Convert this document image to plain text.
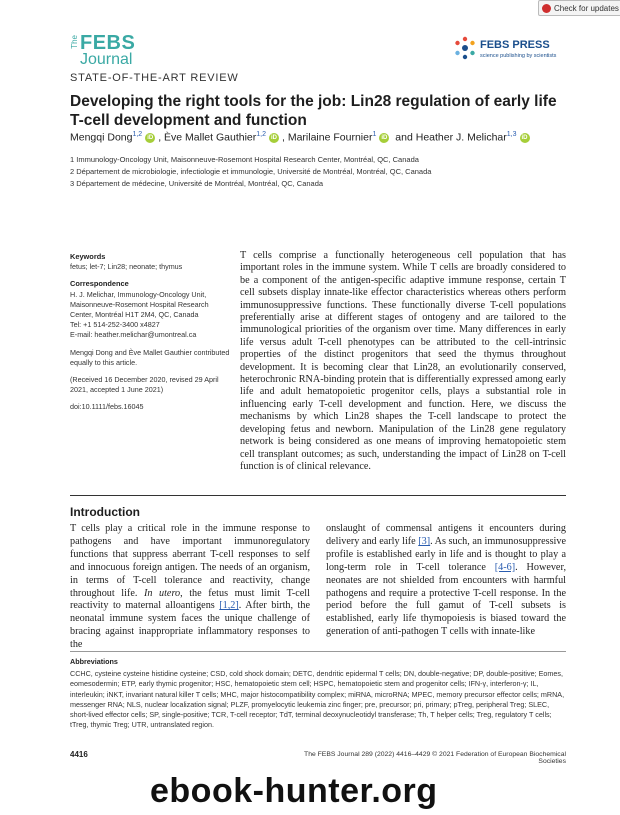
Check for updates
The FEBS
Journal
FEBS PRESS
science publishing by scientists
STATE-OF-THE-ART REVIEW
Developing the right tools for the job: Lin28 regulation of early life T-cell development and function
Mengqi Dong$^{1,2}$ iD , Ève Mallet Gauthier$^{1,2}$ iD , Marilaine Fournier$^1$ iD and Heather J. Melichar$^{1,3}$ iD
1 Immunology-Oncology Unit, Maisonneuve-Rosemont Hospital Research Center, Montréal, QC, Canada
2 Département de microbiologie, infectiologie et immunologie, Université de Montréal, Montréal, QC, Canada
3 Département de médecine, Université de Montréal, Montréal, QC, Canada

Keywords
fetus; let-7; Lin28; neonate; thymus

Correspondence
H. J. Melichar, Immunology-Oncology Unit,
Maisonneuve-Rosemont Hospital Research
Center, Montréal H1T 2M4, QC, Canada
Tel: +1 514-252-3400 x4827
E-mail: heather.melichar@umontreal.ca

Mengqi Dong and Ève Mallet Gauthier contributed equally to this article.

(Received 16 December 2020, revised 29 April 2021, accepted 1 June 2021)

doi:10.1111/febs.16045

T cells comprise a functionally heterogeneous cell population that has important roles in the immune system. While T cells are broadly considered to be a component of the antigen-specific adaptive immune response, certain T cell subsets display innate-like effector characteristics whereas others perform immunosuppressive functions. These functionally diverse T-cell populations preferentially arise at different stages of ontogeny and are tailored to the immunological priorities of the organism over time. Many differences in early life versus adult T-cell phenotypes can be attributed to the cell-intrinsic properties of the distinct progenitors that seed the thymus throughout development. It is becoming clear that Lin28, an evolutionarily conserved, heterochronic RNA-binding protein that is differentially expressed among early life and adult hematopoietic progenitor cells, plays a substantial role in influencing early T-cell development and function. Here, we discuss the mechanisms by which Lin28 shapes the T-cell landscape to protect the developing fetus and newborn. Manipulation of the Lin28 gene regulatory network is being considered as one means of improving hematopoietic stem cell transplant outcomes; as such, understanding the impact of Lin28 on T-cell function is of clinical relevance.
Introduction
T cells play a critical role in the immune response to pathogens and have important immunoregulatory functions that suppress aberrant T-cell responses to self and innocuous foreign antigen. The needs of an organism, in terms of T-cell tolerance and reactivity, change throughout life. In utero, the fetus must limit T-cell reactivity to maternal alloantigens [1,2]. After birth, the neonatal immune system faces the unique challenge of bracing against inappropriate inflammatory responses to the
onslaught of commensal antigens it encounters during delivery and early life [3]. As such, an immunosuppressive profile is established early in life and is thought to play a long-term role in T-cell tolerance [4-6]. However, neonates are not shielded from encounters with harmful pathogens and require a protective T-cell response. In the period before the full gamut of T-cell subsets is established, early life thymopoiesis is biased toward the generation of anti-pathogen T cells with innate-like
Abbreviations
CCHC, cysteine cysteine histidine cysteine; CSD, cold shock domain; DETC, dendritic epidermal T cells; DN, double-negative; DP, double-positive; Eomes, eomesodermin; ETP, early thymic progenitor; HSC, hematopoietic stem cell; HSPC, hematopoietic stem and progenitor cells; IFN-γ, interferon-γ; IL, interleukin; iNKT, invariant natural killer T cells; MHC, major histocompatibility complex; miRNA, microRNA; MPEC, memory precursor effector cells; mRNA, messenger RNA; NLS, nuclear localization signal; PLZF, promyelocytic leukemia zinc finger; pre, precursor; pri, primary; pTreg, peripheral Treg; SLEC, short-lived effector cells; SP, single-positive; TCR, T-cell receptor; TdT, terminal deoxynucleotidyl transferase; Th, T helper cells; Treg, regulatory T cells; tTreg, thymic Treg; UTR, untranslated region.
4416	The FEBS Journal 289 (2022) 4416–4429 © 2021 Federation of European Biochemical Societies
ebook-hunter.org
